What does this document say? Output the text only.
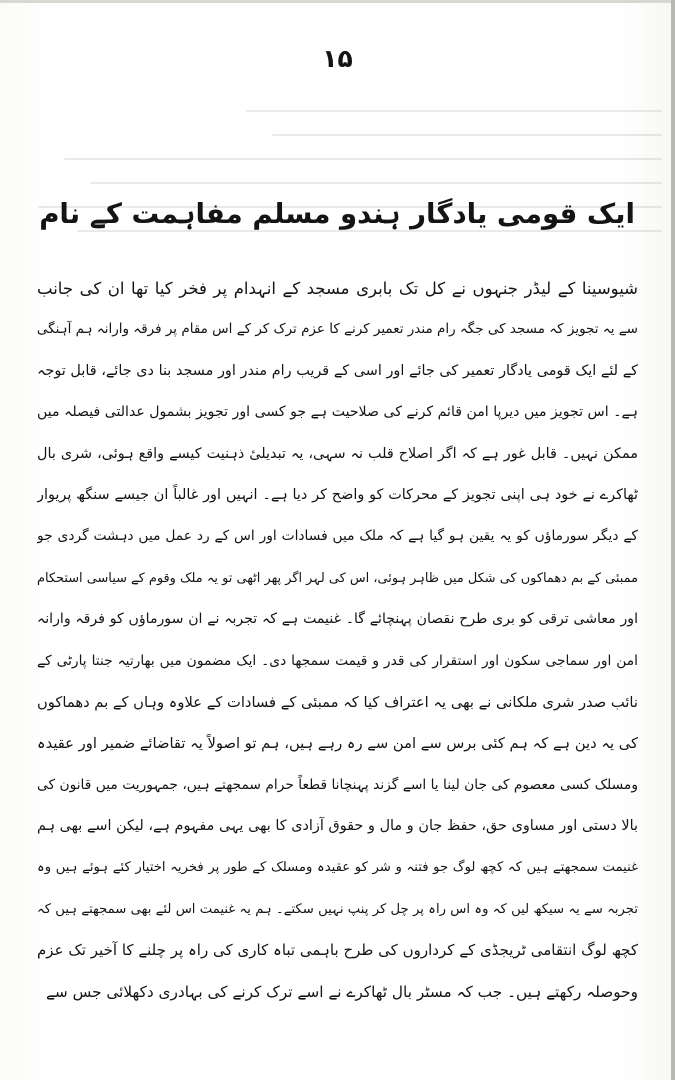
۱۵
ایک قومی یادگار ہندو مسلم مفاہمت کے نام
شیوسینا کے لیڈر جنہوں نے کل تک بابری مسجد کے انہدام پر فخر کیا تھا ان کی جانب
سے یہ تجویز کہ مسجد کی جگہ رام مندر تعمیر کرنے کا عزم ترک کر کے اس مقام پر فرقہ وارانہ ہم آہنگی
کے لئے ایک قومی یادگار تعمیر کی جائے اور اسی کے قریب رام مندر اور مسجد بنا دی جائے، قابل توجہ
ہے۔ اس تجویز میں دیرپا امن قائم کرنے کی صلاحیت ہے جو کسی اور تجویز بشمول عدالتی فیصلہ میں
ممکن نہیں۔ قابل غور ہے کہ اگر اصلاح قلب نہ سہی، یہ تبدیلیٔ ذہنیت کیسے واقع ہوئی، شری بال
ٹھاکرے نے خود ہی اپنی تجویز کے محرکات کو واضح کر دیا ہے۔ انہیں اور غالباً ان جیسے سنگھ پریوار
کے دیگر سورماؤں کو یہ یقین ہو گیا ہے کہ ملک میں فسادات اور اس کے رد عمل میں دہشت گردی جو
ممبئی کے بم دھماکوں کی شکل میں ظاہر ہوئی، اس کی لہر اگر پھر اٹھی تو یہ ملک وقوم کے سیاسی استحکام
اور معاشی ترقی کو بری طرح نقصان پہنچائے گا۔ غنیمت ہے کہ تجربہ نے ان سورماؤں کو فرقہ وارانہ
امن اور سماجی سکون اور استقرار کی قدر و قیمت سمجھا دی۔ ایک مضمون میں بھارتیہ جنتا پارٹی کے
نائب صدر شری ملکانی نے بھی یہ اعتراف کیا کہ ممبئی کے فسادات کے علاوہ وہاں کے بم دھماکوں
کی یہ دین ہے کہ ہم کئی برس سے امن سے رہ رہے ہیں، ہم تو اصولاً یہ تقاضائے ضمیر اور عقیدہ
ومسلک کسی معصوم کی جان لینا یا اسے گزند پہنچانا قطعاً حرام سمجھتے ہیں، جمہوریت میں قانون کی
بالا دستی اور مساوی حق، حفظ جان و مال و حقوق آزادی کا بھی یہی مفہوم ہے، لیکن اسے بھی ہم
غنیمت سمجھتے ہیں کہ کچھ لوگ جو فتنہ و شر کو عقیدہ ومسلک کے طور پر فخریہ اختیار کئے ہوئے ہیں وہ
تجربہ سے یہ سیکھ لیں کہ وہ اس راہ پر چل کر پنپ نہیں سکتے۔ ہم یہ غنیمت اس لئے بھی سمجھتے ہیں کہ
کچھ لوگ انتقامی ٹریجڈی کے کرداروں کی طرح باہمی تباہ کاری کی راہ پر چلنے کا آخیر تک عزم
وحوصلہ رکھتے ہیں۔ جب کہ مسٹر بال ٹھاکرے نے اسے ترک کرنے کی بہادری دکھلائی جس سے
